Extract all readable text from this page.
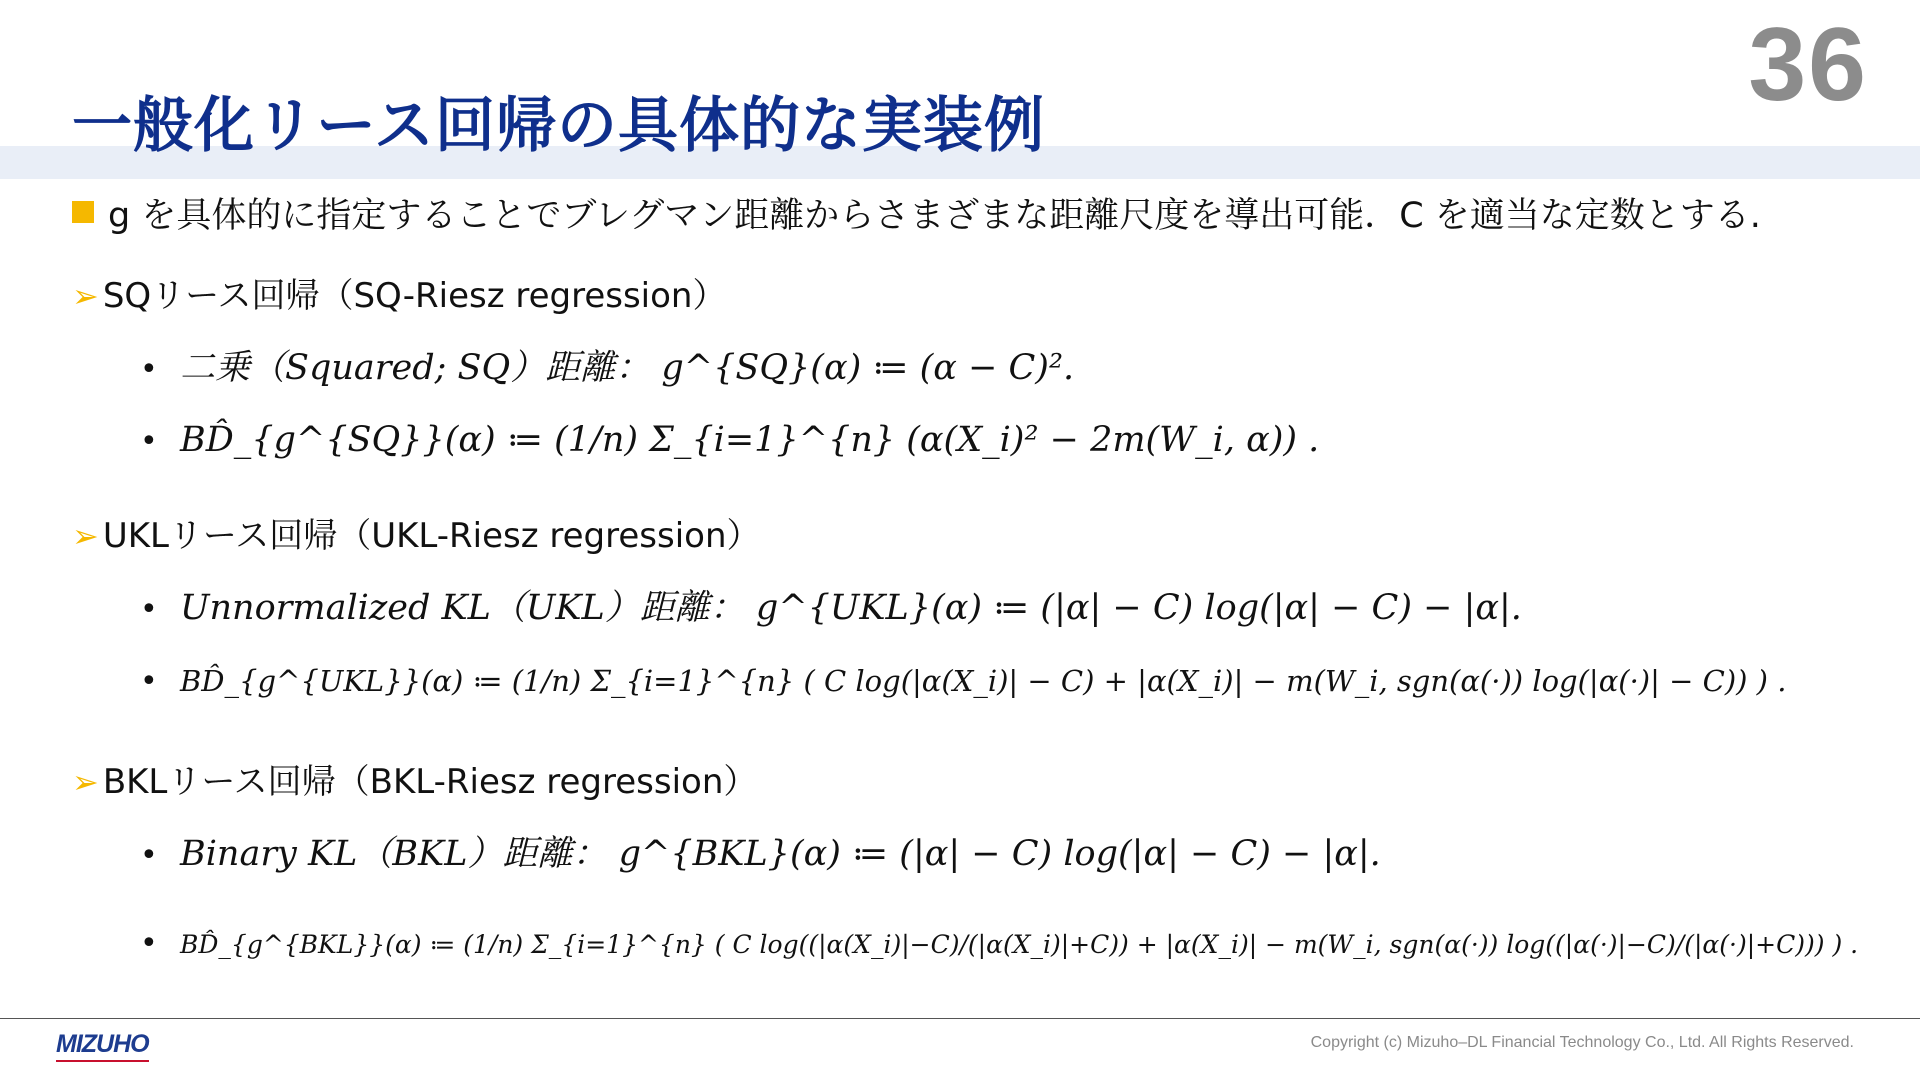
36
一般化リース回帰の具体的な実装例
g を具体的に指定することでブレグマン距離からさまざまな距離尺度を導出可能．C を適当な定数とする.
➢ SQリース回帰（SQ-Riesz regression）
• 二乗（Squared; SQ）距離： g^{SQ}(α) ≔ (α − C)².
• BD̂_{g^{SQ}}(α) ≔ (1/n) Σ_{i=1}^{n} (α(X_i)² − 2m(W_i, α)) .
➢ UKLリース回帰（UKL-Riesz regression）
• Unnormalized KL（UKL）距離： g^{UKL}(α) ≔ (|α| − C) log(|α| − C) − |α|.
• BD̂_{g^{UKL}}(α) ≔ (1/n) Σ_{i=1}^{n} ( C log(|α(X_i)| − C) + |α(X_i)| − m(W_i, sgn(α(·)) log(|α(·)| − C)) ) .
➢ BKLリース回帰（BKL-Riesz regression）
• Binary KL（BKL）距離： g^{BKL}(α) ≔ (|α| − C) log(|α| − C) − |α|.
• BD̂_{g^{BKL}}(α) ≔ (1/n) Σ_{i=1}^{n} ( C log((|α(X_i)|−C)/(|α(X_i)|+C)) + |α(X_i)| − m(W_i, sgn(α(·)) log((|α(·)|−C)/(|α(·)|+C))) ) .
MIZUHO	Copyright (c) Mizuho–DL Financial Technology Co., Ltd. All Rights Reserved.
